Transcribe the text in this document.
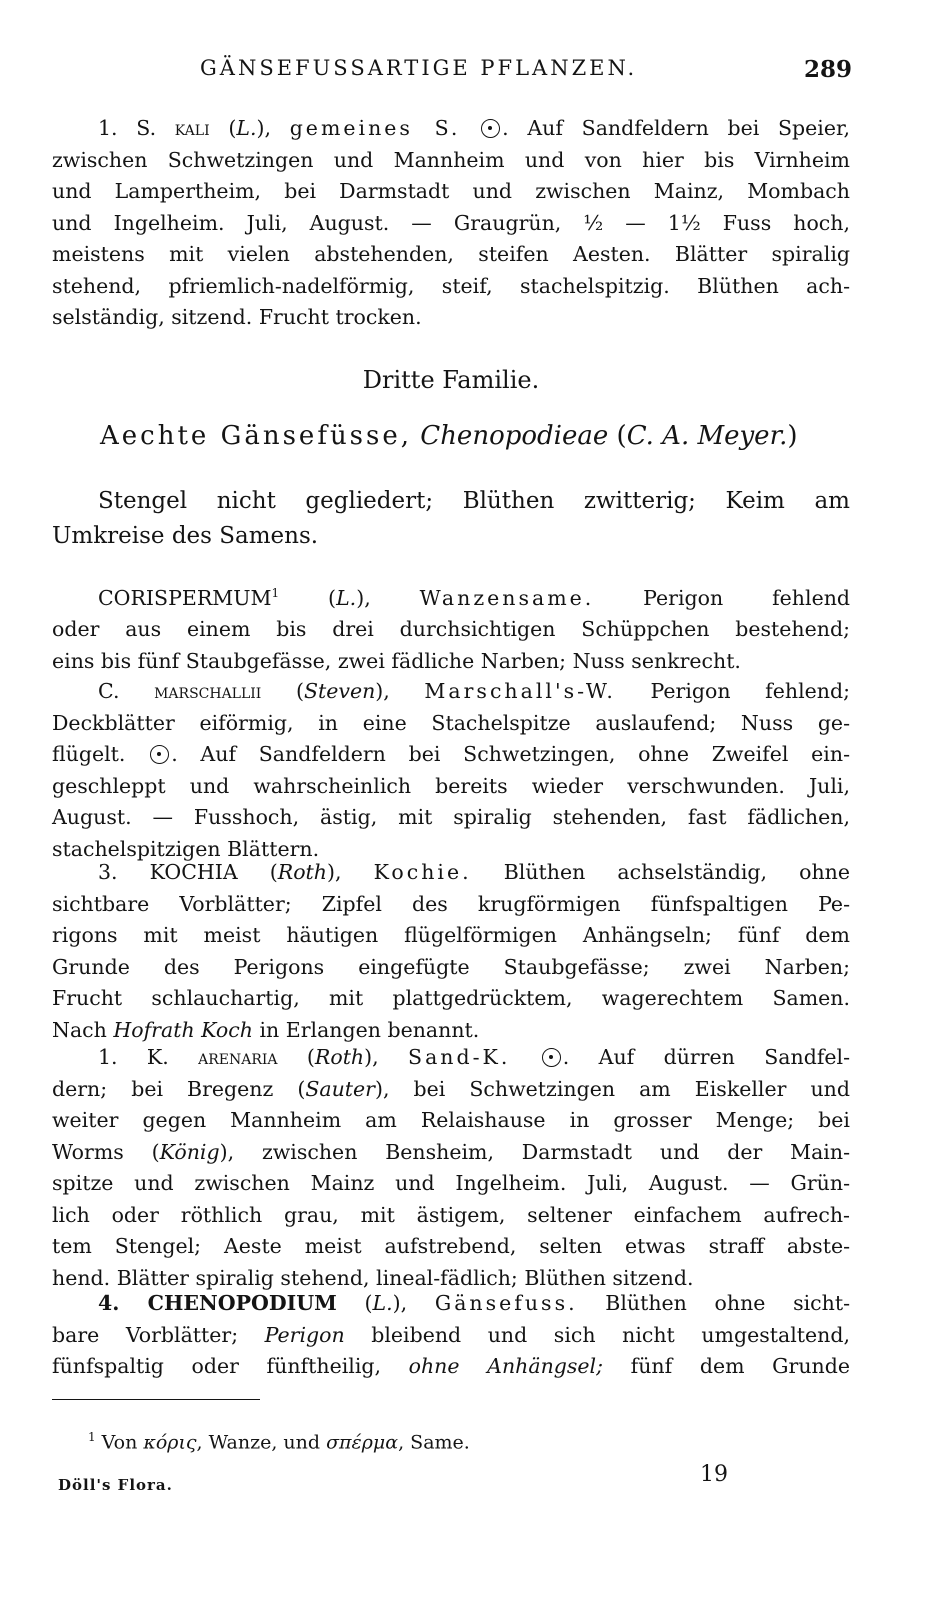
GÄNSEFUSSARTIGE PFLANZEN.	289
1. S. kali (L.), gemeines S. . Auf Sandfeldern bei Speier,
zwischen Schwetzingen und Mannheim und von hier bis Virnheim
und Lampertheim, bei Darmstadt und zwischen Mainz, Mombach
und Ingelheim. Juli, August. — Graugrün, ½ — 1½ Fuss hoch,
meistens mit vielen abstehenden, steifen Aesten. Blätter spiralig
stehend, pfriemlich-nadelförmig, steif, stachelspitzig. Blüthen ach-
selständig, sitzend. Frucht trocken.
Dritte Familie.
Aechte Gänsefüsse, Chenopodieae (C. A. Meyer.)
Stengel nicht gegliedert; Blüthen zwitterig; Keim am
Umkreise des Samens.
CORISPERMUM$^1$ (L.), Wanzensame. Perigon fehlend
oder aus einem bis drei durchsichtigen Schüppchen bestehend;
eins bis fünf Staubgefässe, zwei fädliche Narben; Nuss senkrecht.
C. marschallii (Steven), Marschall's-W. Perigon fehlend;
Deckblätter eiförmig, in eine Stachelspitze auslaufend; Nuss ge-
flügelt. . Auf Sandfeldern bei Schwetzingen, ohne Zweifel ein-
geschleppt und wahrscheinlich bereits wieder verschwunden. Juli,
August. — Fusshoch, ästig, mit spiralig stehenden, fast fädlichen,
stachelspitzigen Blättern.
3. KOCHIA (Roth), Kochie. Blüthen achselständig, ohne
sichtbare Vorblätter; Zipfel des krugförmigen fünfspaltigen Pe-
rigons mit meist häutigen flügelförmigen Anhängseln; fünf dem
Grunde des Perigons eingefügte Staubgefässe; zwei Narben;
Frucht schlauchartig, mit plattgedrücktem, wagerechtem Samen.
Nach Hofrath Koch in Erlangen benannt.
1. K. arenaria (Roth), Sand-K.	. Auf dürren Sandfel-
dern; bei Bregenz (Sauter), bei Schwetzingen am Eiskeller und
weiter gegen Mannheim am Relaishause in grosser Menge; bei
Worms (König), zwischen Bensheim, Darmstadt und der Main-
spitze und zwischen Mainz und Ingelheim. Juli, August. — Grün-
lich oder röthlich grau, mit ästigem, seltener einfachem aufrech-
tem Stengel; Aeste meist aufstrebend, selten etwas straff abste-
hend. Blätter spiralig stehend, lineal-fädlich; Blüthen sitzend.
4. CHENOPODIUM (L.), Gänsefuss. Blüthen ohne sicht-
bare Vorblätter; Perigon bleibend und sich nicht umgestaltend,
fünfspaltig oder fünftheilig, ohne Anhängsel; fünf dem Grunde
$^1$ Von κόρις, Wanze, und σπέρμα, Same.
Döll's Flora.	19
